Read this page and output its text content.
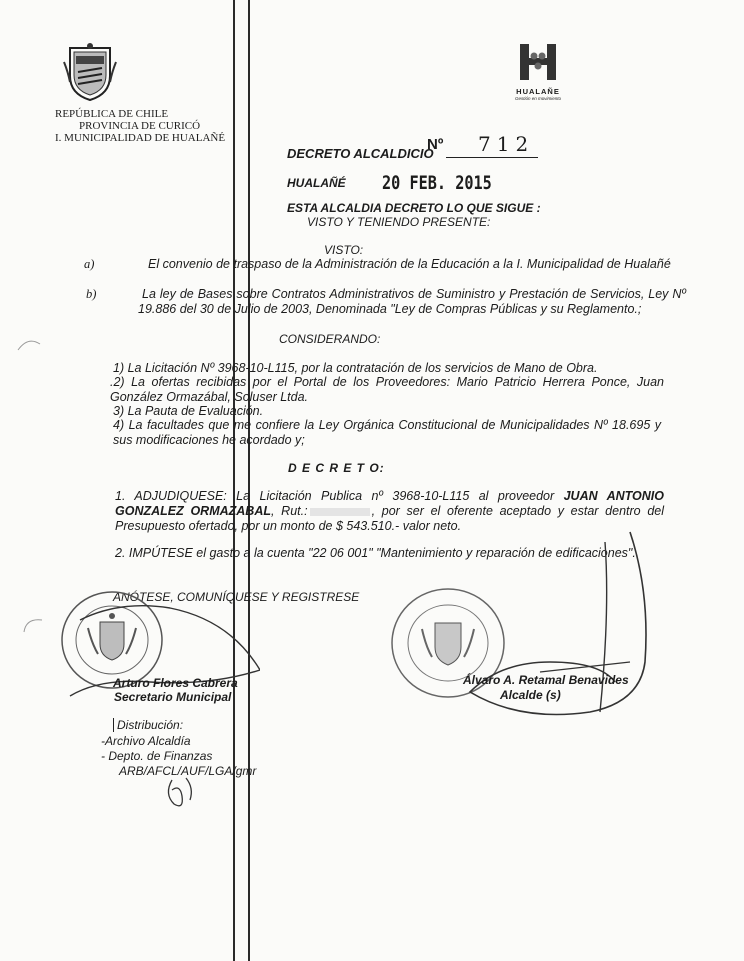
REPÚBLICA DE CHILE
PROVINCIA DE CURICÓ
I. MUNICIPALIDAD DE HUALAÑÉ
HUALAÑE
Gestión en movimiento
DECRETO ALCALDICIO
Nº 712
HUALAÑÉ 20 FEB. 2015
ESTA ALCALDIA DECRETO LO QUE SIGUE :
VISTO Y TENIENDO PRESENTE:
VISTO:
a)	El convenio de traspaso de la Administración de la Educación a la I. Municipalidad de Hualañé
b)	La ley de Bases sobre Contratos Administrativos de Suministro y Prestación de Servicios, Ley Nº 19.886 del 30 de Julio de 2003, Denominada "Ley de Compras Públicas y su Reglamento.;
CONSIDERANDO:
1) La Licitación Nº 3968-10-L115, por la contratación de los servicios de Mano de Obra.
.2) La ofertas recibidas por el Portal de los Proveedores: Mario Patricio Herrera Ponce, Juan González Ormazábal, Soluser Ltda.
3) La Pauta de Evaluación.
4) La facultades que me confiere la Ley Orgánica Constitucional de Municipalidades Nº 18.695 y sus modificaciones he acordado y;
D E C R E T O:
1. ADJUDIQUESE: La Licitación Publica nº 3968-10-L115 al proveedor JUAN ANTONIO GONZALEZ ORMAZABAL, Rut.:	, por ser el oferente aceptado y estar dentro del Presupuesto ofertado, por un monto de $ 543.510.- valor neto.
2. IMPÚTESE el gasto a la cuenta "22 06 001" "Mantenimiento y reparación de edificaciones".
ANÓTESE, COMUNÍQUESE Y REGISTRESE
Arturo Flores Cabrera
Secretario Municipal
Álvaro A. Retamal Benavides
Alcalde (s)
Distribución:
-Archivo Alcaldía
- Depto. de Finanzas
ARB/AFCL/AUF/LGA/gmr
